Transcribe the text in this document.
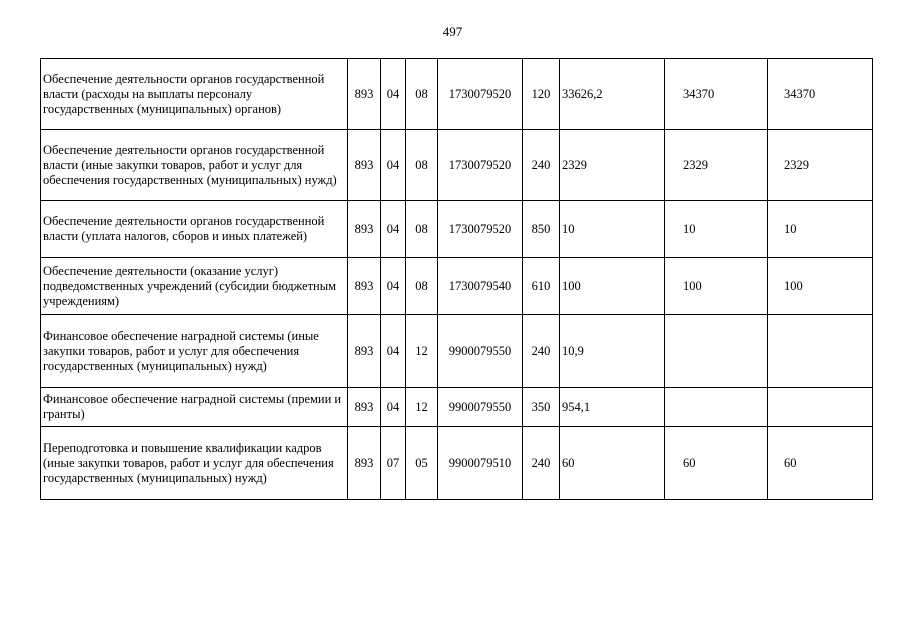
497
Обеспечение деятельности органов государственной власти (расходы на выплаты персоналу государственных (муниципальных) органов)	893	04	08	1730079520	120	33626,2	34370	34370
Обеспечение деятельности органов государственной власти (иные закупки товаров, работ и услуг для обеспечения государственных (муниципальных) нужд)	893	04	08	1730079520	240	2329	2329	2329
Обеспечение деятельности органов государственной власти (уплата налогов, сборов и иных платежей)	893	04	08	1730079520	850	10	10	10
Обеспечение деятельности (оказание услуг) подведомственных учреждений (субсидии бюджетным учреждениям)	893	04	08	1730079540	610	100	100	100
Финансовое обеспечение наградной системы (иные закупки товаров, работ и услуг для обеспечения государственных (муниципальных) нужд)	893	04	12	9900079550	240	10,9		
Финансовое обеспечение наградной системы (премии и гранты)	893	04	12	9900079550	350	954,1		
Переподготовка и повышение квалификации кадров (иные закупки товаров, работ и услуг для обеспечения государственных (муниципальных) нужд)	893	07	05	9900079510	240	60	60	60
